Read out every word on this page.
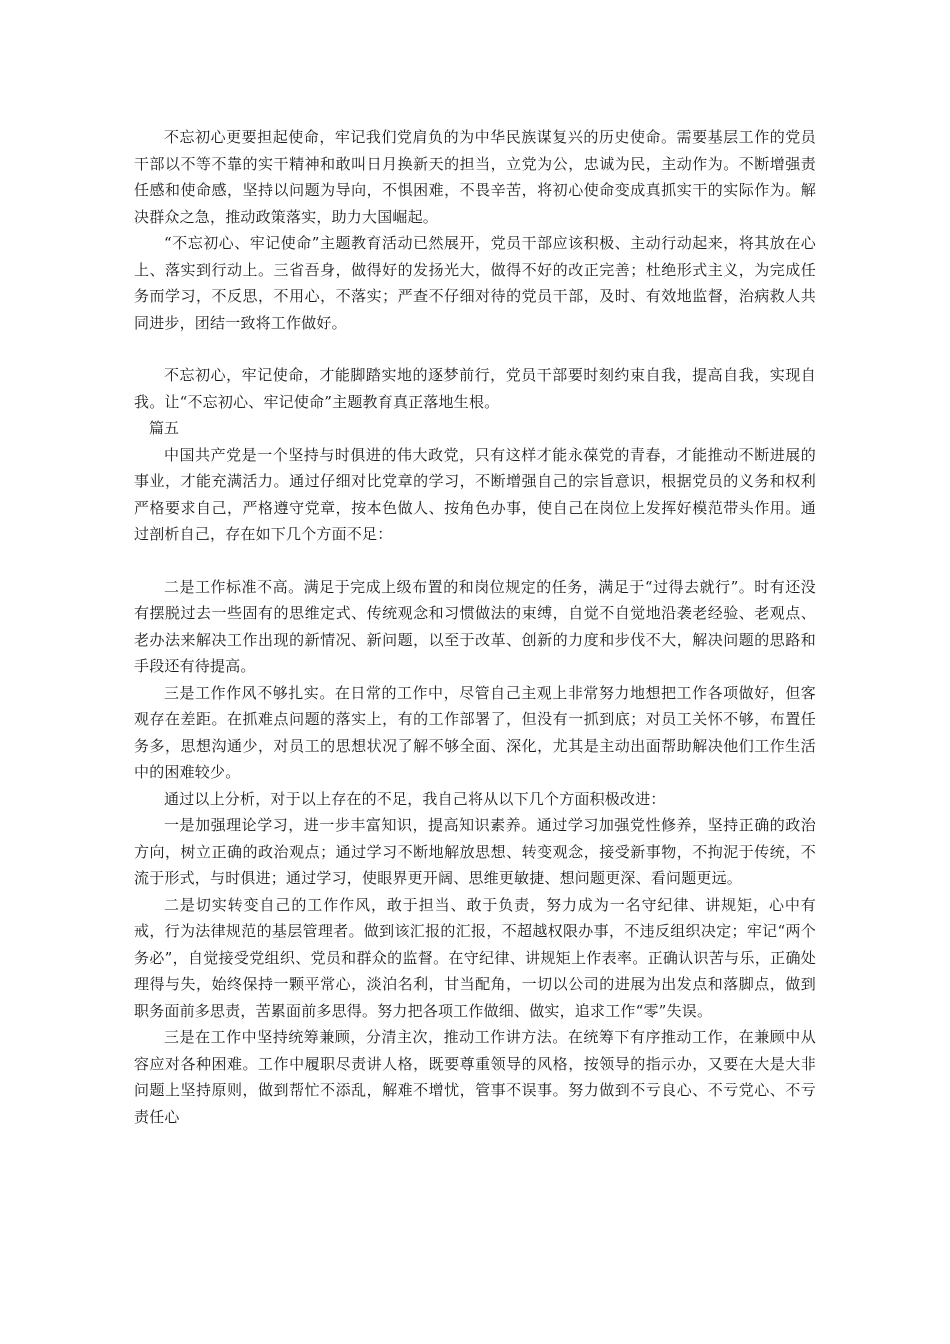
不忘初心更要担起使命，牢记我们党肩负的为中华民族谋复兴的历史使命。需要基层工作的党员干部以不等不靠的实干精神和敢叫日月换新天的担当，立党为公，忠诚为民，主动作为。不断增强责任感和使命感，坚持以问题为导向，不惧困难，不畏辛苦，将初心使命变成真抓实干的实际作为。解决群众之急，推动政策落实，助力大国崛起。

“不忘初心、牢记使命”主题教育活动已然展开，党员干部应该积极、主动行动起来，将其放在心上、落实到行动上。三省吾身，做得好的发扬光大，做得不好的改正完善；杜绝形式主义，为完成任务而学习，不反思，不用心，不落实；严查不仔细对待的党员干部，及时、有效地监督，治病救人共同进步，团结一致将工作做好。

不忘初心，牢记使命，才能脚踏实地的逐梦前行，党员干部要时刻约束自我，提高自我，实现自我。让“不忘初心、牢记使命”主题教育真正落地生根。

篇五

中国共产党是一个坚持与时俱进的伟大政党，只有这样才能永葆党的青春，才能推动不断进展的事业，才能充满活力。通过仔细对比党章的学习，不断增强自己的宗旨意识，根据党员的义务和权利严格要求自己，严格遵守党章，按本色做人、按角色办事，使自己在岗位上发挥好模范带头作用。通过剖析自己，存在如下几个方面不足：

二是工作标准不高。满足于完成上级布置的和岗位规定的任务，满足于“过得去就行”。时有还没有摆脱过去一些固有的思维定式、传统观念和习惯做法的束缚，自觉不自觉地沿袭老经验、老观点、老办法来解决工作出现的新情况、新问题，以至于改革、创新的力度和步伐不大，解决问题的思路和手段还有待提高。

三是工作作风不够扎实。在日常的工作中，尽管自己主观上非常努力地想把工作各项做好，但客观存在差距。在抓难点问题的落实上，有的工作部署了，但没有一抓到底；对员工关怀不够，布置任务多，思想沟通少，对员工的思想状况了解不够全面、深化，尤其是主动出面帮助解决他们工作生活中的困难较少。

通过以上分析，对于以上存在的不足，我自己将从以下几个方面积极改进：

一是加强理论学习，进一步丰富知识，提高知识素养。通过学习加强党性修养，坚持正确的政治方向，树立正确的政治观点；通过学习不断地解放思想、转变观念，接受新事物，不拘泥于传统，不流于形式，与时俱进；通过学习，使眼界更开阔、思维更敏捷、想问题更深、看问题更远。

二是切实转变自己的工作作风，敢于担当、敢于负责，努力成为一名守纪律、讲规矩，心中有戒，行为法律规范的基层管理者。做到该汇报的汇报，不超越权限办事，不违反组织决定；牢记“两个务必”，自觉接受党组织、党员和群众的监督。在守纪律、讲规矩上作表率。正确认识苦与乐，正确处理得与失，始终保持一颗平常心，淡泊名利，甘当配角，一切以公司的进展为出发点和落脚点，做到职务面前多思责，苦累面前多思得。努力把各项工作做细、做实，追求工作“零”失误。

三是在工作中坚持统筹兼顾，分清主次，推动工作讲方法。在统筹下有序推动工作，在兼顾中从容应对各种困难。工作中履职尽责讲人格，既要尊重领导的风格，按领导的指示办，又要在大是大非问题上坚持原则，做到帮忙不添乱，解难不增忧，管事不误事。努力做到不亏良心、不亏党心、不亏责任心
